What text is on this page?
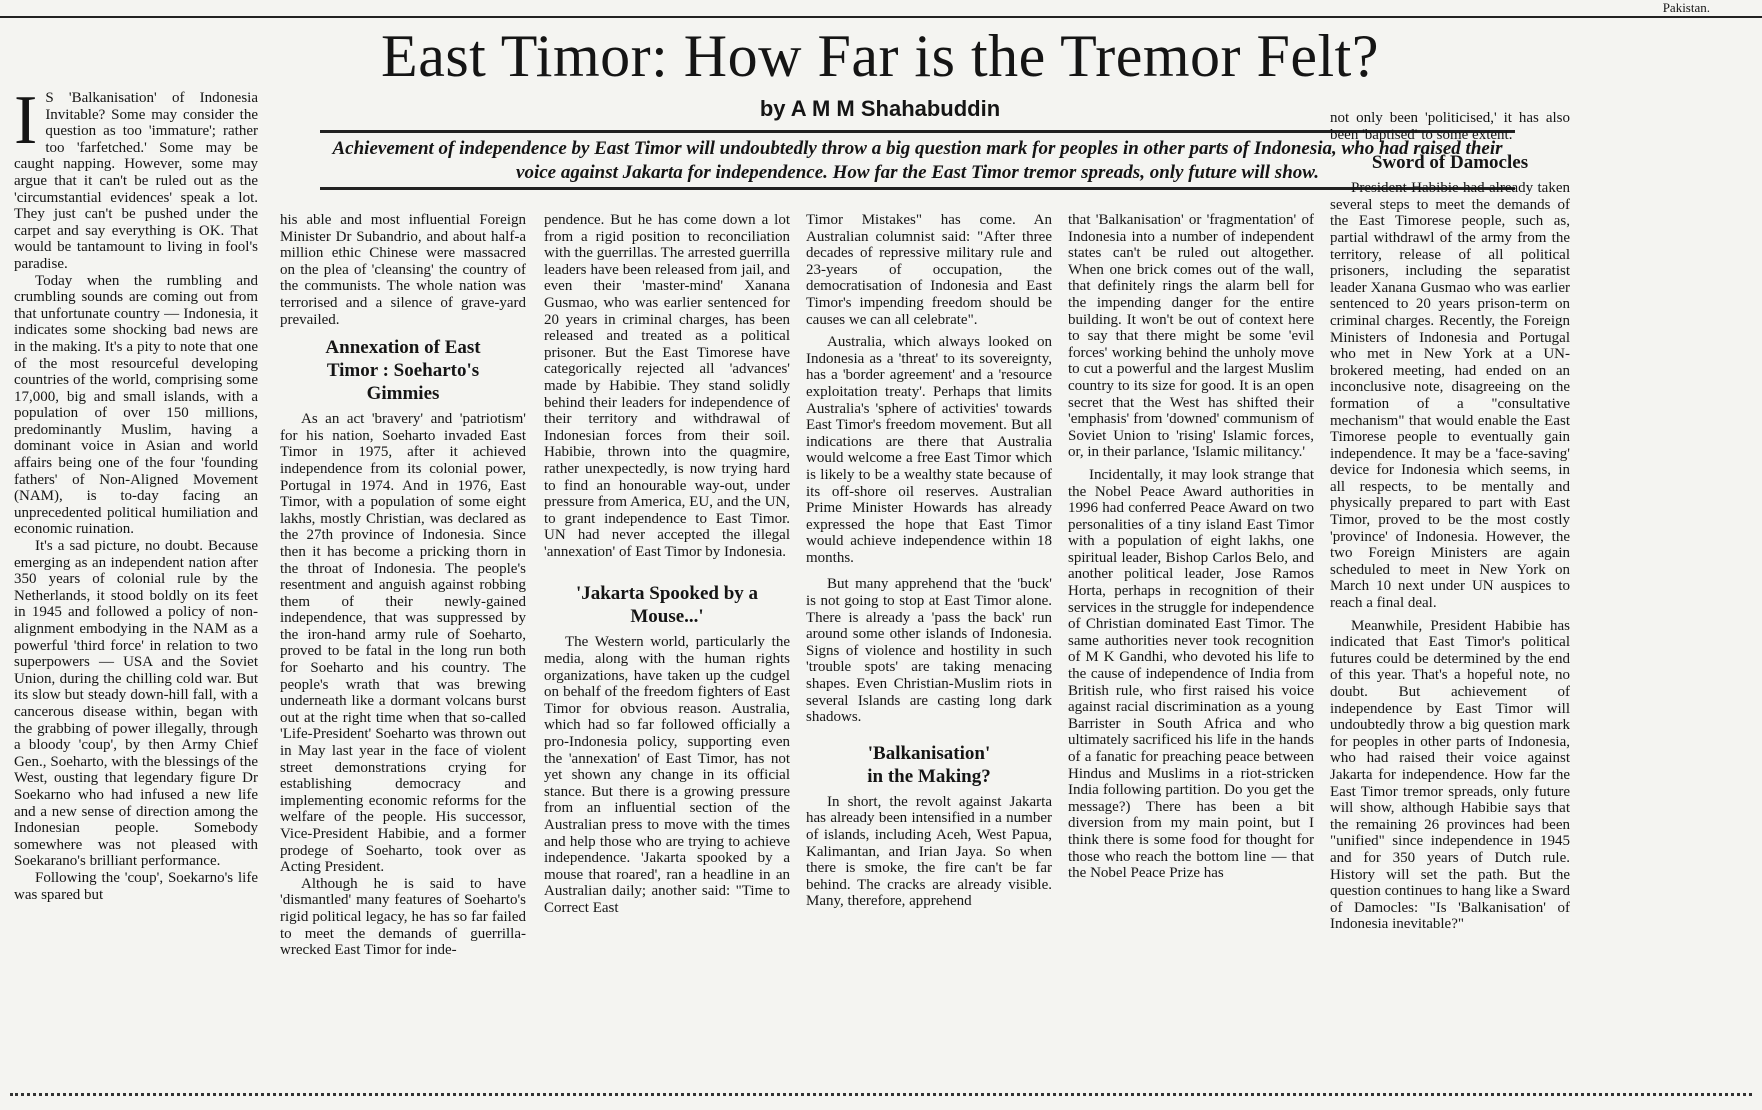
Pakistan.
East Timor: How Far is the Tremor Felt?

by A M M Shahabuddin

Achievement of independence by East Timor will undoubtedly throw a big question mark for peoples in other parts of Indonesia, who had raised their voice against Jakarta for independence. How far the East Timor tremor spreads, only future will show.

I S 'Balkanisation' of Indonesia Invitable? Some may consider the question as too 'immature'; rather too 'farfetched.' Some may be caught napping. However, some may argue that it can't be ruled out as the 'circumstantial evidences' speak a lot. They just can't be pushed under the carpet and say everything is OK. That would be tantamount to living in fool's paradise.

Today when the rumbling and crumbling sounds are coming out from that unfortunate country — Indonesia, it indicates some shocking bad news are in the making. It's a pity to note that one of the most resourceful developing countries of the world, comprising some 17,000, big and small islands, with a population of over 150 millions, predominantly Muslim, having a dominant voice in Asian and world affairs being one of the four 'founding fathers' of Non-Aligned Movement (NAM), is to-day facing an unprecedented political humiliation and economic ruination.

It's a sad picture, no doubt. Because emerging as an independent nation after 350 years of colonial rule by the Netherlands, it stood boldly on its feet in 1945 and followed a policy of non-alignment embodying in the NAM as a powerful 'third force' in relation to two superpowers — USA and the Soviet Union, during the chilling cold war. But its slow but steady down-hill fall, with a cancerous disease within, began with the grabbing of power illegally, through a bloody 'coup', by then Army Chief Gen., Soeharto, with the blessings of the West, ousting that legendary figure Dr Soekarno who had infused a new life and a new sense of direction among the Indonesian people. Somebody somewhere was not pleased with Soekarano's brilliant performance.

Following the 'coup', Soekarno's life was spared but

his able and most influential Foreign Minister Dr Subandrio, and about half-a million ethic Chinese were massacred on the plea of 'cleansing' the country of the communists. The whole nation was terrorised and a silence of grave-yard prevailed.

Annexation of East
Timor : Soeharto's
Gimmies

As an act 'bravery' and 'patriotism' for his nation, Soeharto invaded East Timor in 1975, after it achieved independence from its colonial power, Portugal in 1974. And in 1976, East Timor, with a population of some eight lakhs, mostly Christian, was declared as the 27th province of Indonesia. Since then it has become a pricking thorn in the throat of Indonesia. The people's resentment and anguish against robbing them of their newly-gained independence, that was suppressed by the iron-hand army rule of Soeharto, proved to be fatal in the long run both for Soeharto and his country. The people's wrath that was brewing underneath like a dormant volcans burst out at the right time when that so-called 'Life-President' Soeharto was thrown out in May last year in the face of violent street demonstrations crying for establishing democracy and implementing economic reforms for the welfare of the people. His successor, Vice-President Habibie, and a former prodege of Soeharto, took over as Acting President.

Although he is said to have 'dismantled' many features of Soeharto's rigid political legacy, he has so far failed to meet the demands of guerrilla-wrecked East Timor for inde-

pendence. But he has come down a lot from a rigid position to reconciliation with the guerrillas. The arrested guerrilla leaders have been released from jail, and even their 'master-mind' Xanana Gusmao, who was earlier sentenced for 20 years in criminal charges, has been released and treated as a political prisoner. But the East Timorese have categorically rejected all 'advances' made by Habibie. They stand solidly behind their leaders for independence of their territory and withdrawal of Indonesian forces from their soil. Habibie, thrown into the quagmire, rather unexpectedly, is now trying hard to find an honourable way-out, under pressure from America, EU, and the UN, to grant independence to East Timor. UN had never accepted the illegal 'annexation' of East Timor by Indonesia.

'Jakarta Spooked by a
Mouse...'

The Western world, particularly the media, along with the human rights organizations, have taken up the cudgel on behalf of the freedom fighters of East Timor for obvious reason. Australia, which had so far followed officially a pro-Indonesia policy, supporting even the 'annexation' of East Timor, has not yet shown any change in its official stance. But there is a growing pressure from an influential section of the Australian press to move with the times and help those who are trying to achieve independence. 'Jakarta spooked by a mouse that roared', ran a headline in an Australian daily; another said: "Time to Correct East

Timor Mistakes" has come. An Australian columnist said: "After three decades of repressive military rule and 23-years of occupation, the democratisation of Indonesia and East Timor's impending freedom should be causes we can all celebrate".

Australia, which always looked on Indonesia as a 'threat' to its sovereignty, has a 'border agreement' and a 'resource exploitation treaty'. Perhaps that limits Australia's 'sphere of activities' towards East Timor's freedom movement. But all indications are there that Australia would welcome a free East Timor which is likely to be a wealthy state because of its off-shore oil reserves. Australian Prime Minister Howards has already expressed the hope that East Timor would achieve independence within 18 months.

But many apprehend that the 'buck' is not going to stop at East Timor alone. There is already a 'pass the back' run around some other islands of Indonesia. Signs of violence and hostility in such 'trouble spots' are taking menacing shapes. Even Christian-Muslim riots in several Islands are casting long dark shadows.

'Balkanisation'
in the Making?

In short, the revolt against Jakarta has already been intensified in a number of islands, including Aceh, West Papua, Kalimantan, and Irian Jaya. So when there is smoke, the fire can't be far behind. The cracks are already visible. Many, therefore, apprehend

that 'Balkanisation' or 'fragmentation' of Indonesia into a number of independent states can't be ruled out altogether. When one brick comes out of the wall, that definitely rings the alarm bell for the impending danger for the entire building. It won't be out of context here to say that there might be some 'evil forces' working behind the unholy move to cut a powerful and the largest Muslim country to its size for good. It is an open secret that the West has shifted their 'emphasis' from 'downed' communism of Soviet Union to 'rising' Islamic forces, or, in their parlance, 'Islamic militancy.'

Incidentally, it may look strange that the Nobel Peace Award authorities in 1996 had conferred Peace Award on two personalities of a tiny island East Timor with a population of eight lakhs, one spiritual leader, Bishop Carlos Belo, and another political leader, Jose Ramos Horta, perhaps in recognition of their services in the struggle for independence of Christian dominated East Timor. The same authorities never took recognition of M K Gandhi, who devoted his life to the cause of independence of India from British rule, who first raised his voice against racial discrimination as a young Barrister in South Africa and who ultimately sacrificed his life in the hands of a fanatic for preaching peace between Hindus and Muslims in a riot-stricken India following partition. Do you get the message?) There has been a bit diversion from my main point, but I think there is some food for thought for those who reach the bottom line — that the Nobel Peace Prize has

not only been 'politicised,' it has also been 'baptised' to some extent.

Sword of Damocles

President Habibie had already taken several steps to meet the demands of the East Timorese people, such as, partial withdrawl of the army from the territory, release of all political prisoners, including the separatist leader Xanana Gusmao who was earlier sentenced to 20 years prison-term on criminal charges. Recently, the Foreign Ministers of Indonesia and Portugal who met in New York at a UN-brokered meeting, had ended on an inconclusive note, disagreeing on the formation of a "consultative mechanism" that would enable the East Timorese people to eventually gain independence. It may be a 'face-saving' device for Indonesia which seems, in all respects, to be mentally and physically prepared to part with East Timor, proved to be the most costly 'province' of Indonesia. However, the two Foreign Ministers are again scheduled to meet in New York on March 10 next under UN auspices to reach a final deal.

Meanwhile, President Habibie has indicated that East Timor's political futures could be determined by the end of this year. That's a hopeful note, no doubt. But achievement of independence by East Timor will undoubtedly throw a big question mark for peoples in other parts of Indonesia, who had raised their voice against Jakarta for independence. How far the East Timor tremor spreads, only future will show, although Habibie says that the remaining 26 provinces had been "unified" since independence in 1945 and for 350 years of Dutch rule. History will set the path. But the question continues to hang like a Sward of Damocles: "Is 'Balkanisation' of Indonesia inevitable?"
